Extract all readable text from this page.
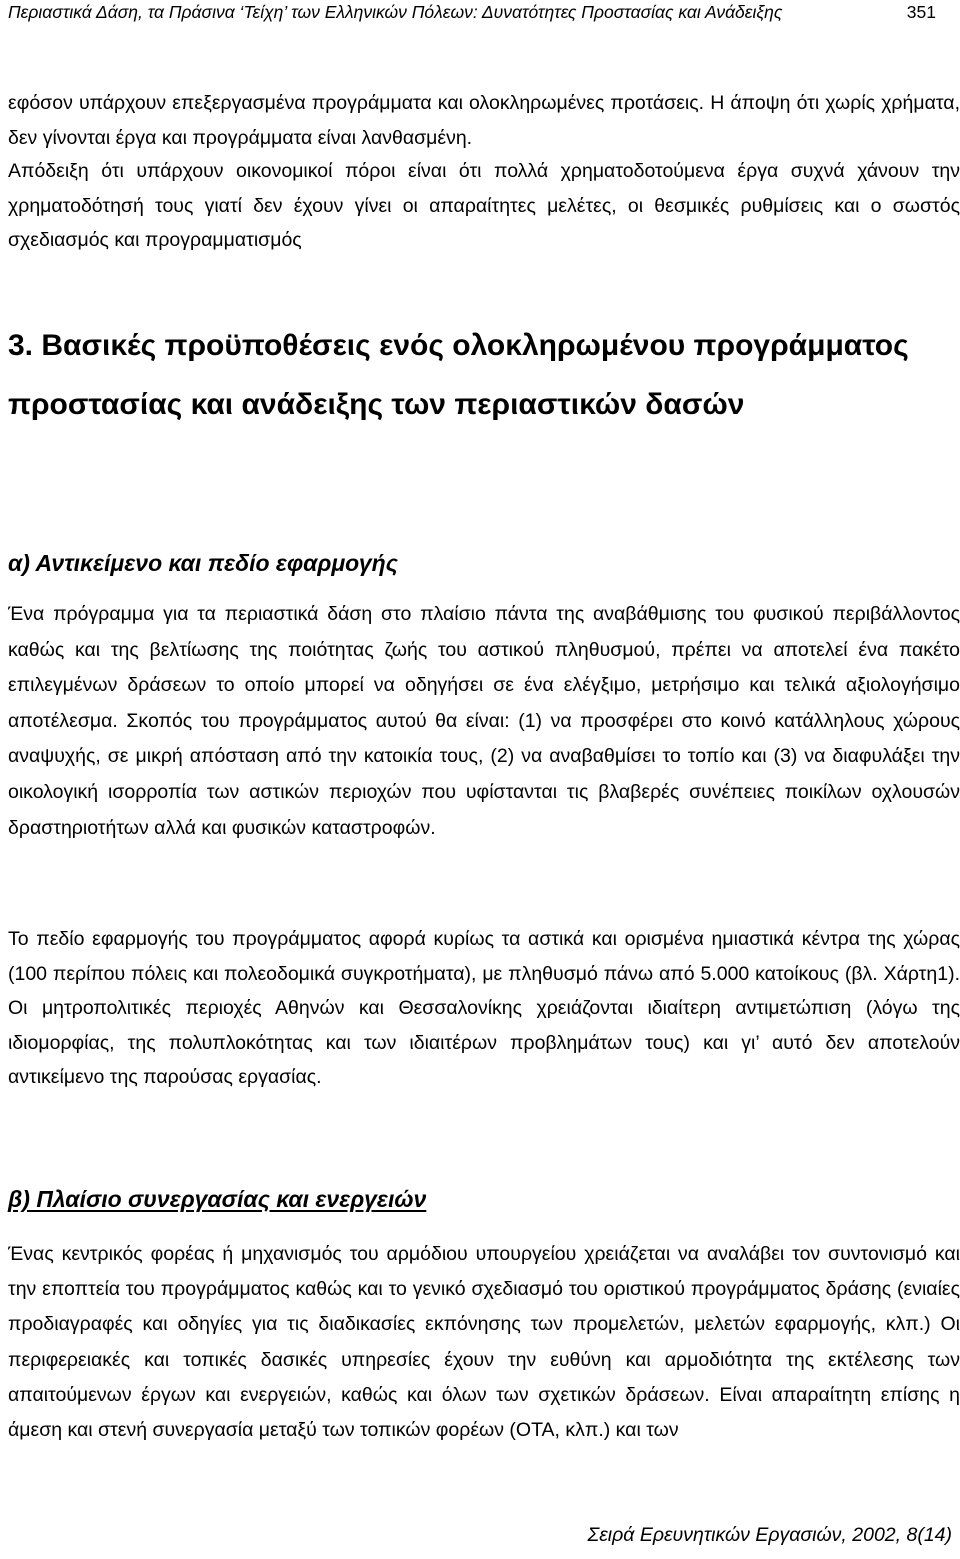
Περιαστικά Δάση, τα Πράσινα ‘Τείχη’ των Ελληνικών Πόλεων: Δυνατότητες Προστασίας και Ανάδειξης	351

εφόσον υπάρχουν επεξεργασμένα προγράμματα και ολοκληρωμένες προτάσεις. Η άποψη ότι χωρίς χρήματα, δεν γίνονται έργα και προγράμματα είναι λανθασμένη.

Απόδειξη ότι υπάρχουν οικονομικοί πόροι είναι ότι πολλά χρηματοδοτούμενα έργα συχνά χάνουν την χρηματοδότησή τους γιατί δεν έχουν γίνει οι απαραίτητες μελέτες, οι θεσμικές ρυθμίσεις και ο σωστός σχεδιασμός και προγραμματισμός

3. Βασικές προϋποθέσεις ενός ολοκληρωμένου προγράμματος προστασίας και ανάδειξης των περιαστικών δασών
α) Αντικείμενο και πεδίο εφαρμογής

Ένα πρόγραμμα για τα περιαστικά δάση στο πλαίσιο πάντα της αναβάθμισης του φυσικού περιβάλλοντος καθώς και της βελτίωσης της ποιότητας ζωής του αστικού πληθυσμού, πρέπει να αποτελεί ένα πακέτο επιλεγμένων δράσεων το οποίο μπορεί να οδηγήσει σε ένα ελέγξιμο, μετρήσιμο και τελικά αξιολογήσιμο αποτέλεσμα. Σκοπός του προγράμματος αυτού θα είναι: (1) να προσφέρει στο κοινό κατάλληλους χώρους αναψυχής, σε μικρή απόσταση από την κατοικία τους, (2) να αναβαθμίσει το τοπίο και (3) να διαφυλάξει την οικολογική ισορροπία των αστικών περιοχών που υφίστανται τις βλαβερές συνέπειες ποικίλων οχλουσών δραστηριοτήτων αλλά και φυσικών καταστροφών.

Το πεδίο εφαρμογής του προγράμματος αφορά κυρίως τα αστικά και ορισμένα ημιαστικά κέντρα της χώρας (100 περίπου πόλεις και πολεοδομικά συγκροτήματα), με πληθυσμό πάνω από 5.000 κατοίκους (βλ. Χάρτη1). Οι μητροπολιτικές περιοχές Αθηνών και Θεσσαλονίκης χρειάζονται ιδιαίτερη αντιμετώπιση (λόγω της ιδιομορφίας, της πολυπλοκότητας και των ιδιαιτέρων προβλημάτων τους) και γι’ αυτό δεν αποτελούν αντικείμενο της παρούσας εργασίας.

β) Πλαίσιο συνεργασίας και ενεργειών

Ένας κεντρικός φορέας ή μηχανισμός του αρμόδιου υπουργείου χρειάζεται να αναλάβει τον συντονισμό και την εποπτεία του προγράμματος καθώς και το γενικό σχεδιασμό του οριστικού προγράμματος δράσης (ενιαίες προδιαγραφές και οδηγίες για τις διαδικασίες εκπόνησης των προμελετών, μελετών εφαρμογής, κλπ.) Οι περιφερειακές και τοπικές δασικές υπηρεσίες έχουν την ευθύνη και αρμοδιότητα της εκτέλεσης των απαιτούμενων έργων και ενεργειών, καθώς και όλων των σχετικών δράσεων. Είναι απαραίτητη επίσης η άμεση και στενή συνεργασία μεταξύ των τοπικών φορέων (ΟΤΑ, κλπ.) και των

Σειρά Ερευνητικών Εργασιών, 2002, 8(14)
